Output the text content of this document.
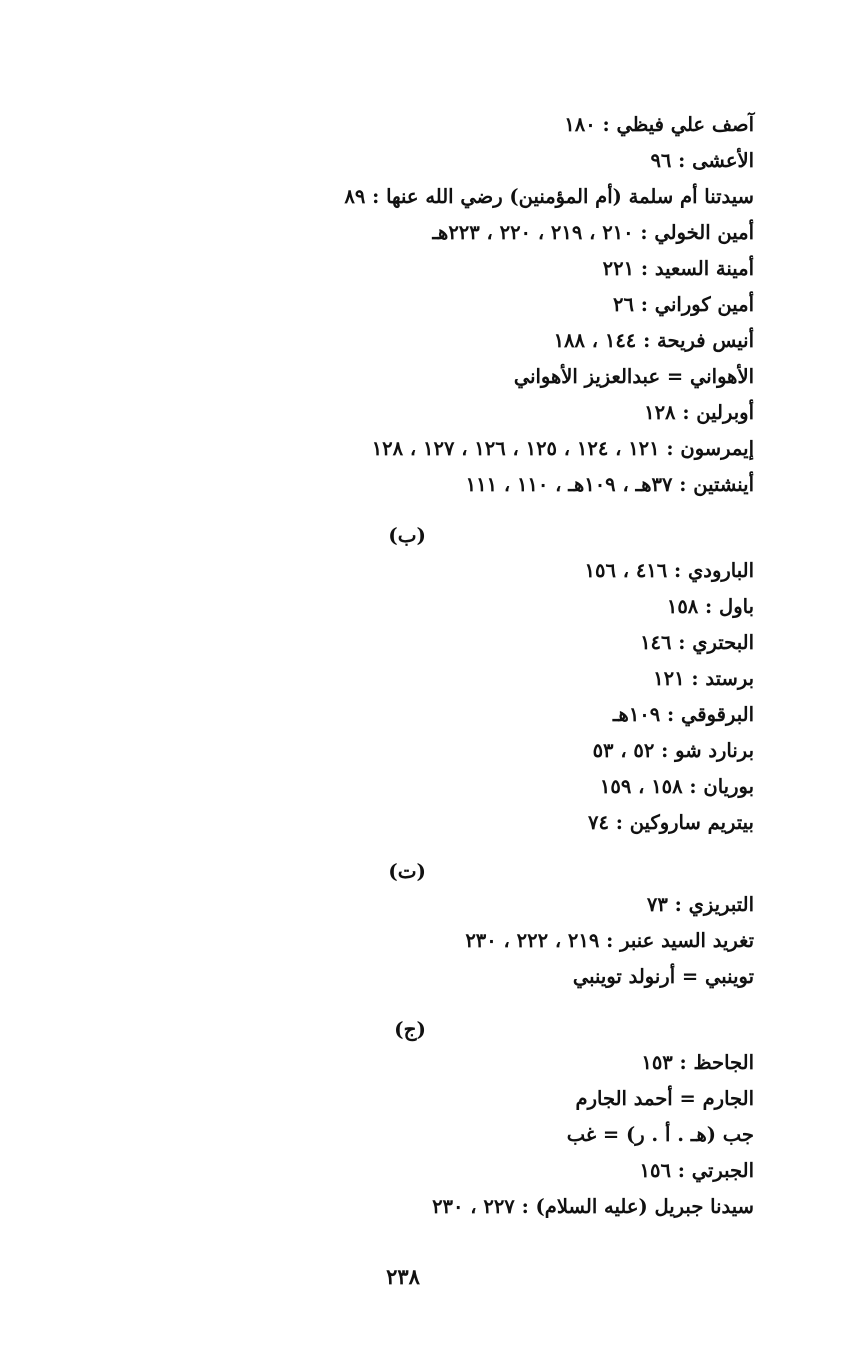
آصف علي فيظي : ١٨٠
الأعشى : ٩٦
سيدتنا أم سلمة (أم المؤمنين) رضي الله عنها : ٨٩
أمين الخولي : ٢١٠ ، ٢١٩ ، ٢٢٠ ، ٢٢٣هـ
أمينة السعيد : ٢٢١
أمين كوراني : ٢٦
أنيس فريحة : ١٤٤ ، ١٨٨
الأهواني = عبدالعزيز الأهواني
أوبرلين : ١٢٨
إيمرسون : ١٢١ ، ١٢٤ ، ١٢٥ ، ١٢٦ ، ١٢٧ ، ١٢٨
أينشتين : ٣٧هـ ، ١٠٩هـ ، ١١٠ ، ١١١
(ب)
البارودي : ٤١٦ ، ١٥٦
باول : ١٥٨
البحتري : ١٤٦
برستد : ١٢١
البرقوقي : ١٠٩هـ
برنارد شو : ٥٢ ، ٥٣
بوريان : ١٥٨ ، ١٥٩
بيتريم ساروكين : ٧٤
(ت)
التبريزي : ٧٣
تغريد السيد عنبر : ٢١٩ ، ٢٢٢ ، ٢٣٠
توينبي = أرنولد توينبي
(ج)
الجاحظ : ١٥٣
الجارم = أحمد الجارم
جب (هـ . أ . ر) = غب
الجبرتي : ١٥٦
سيدنا جبريل (عليه السلام) : ٢٢٧ ، ٢٣٠
٢٣٨
